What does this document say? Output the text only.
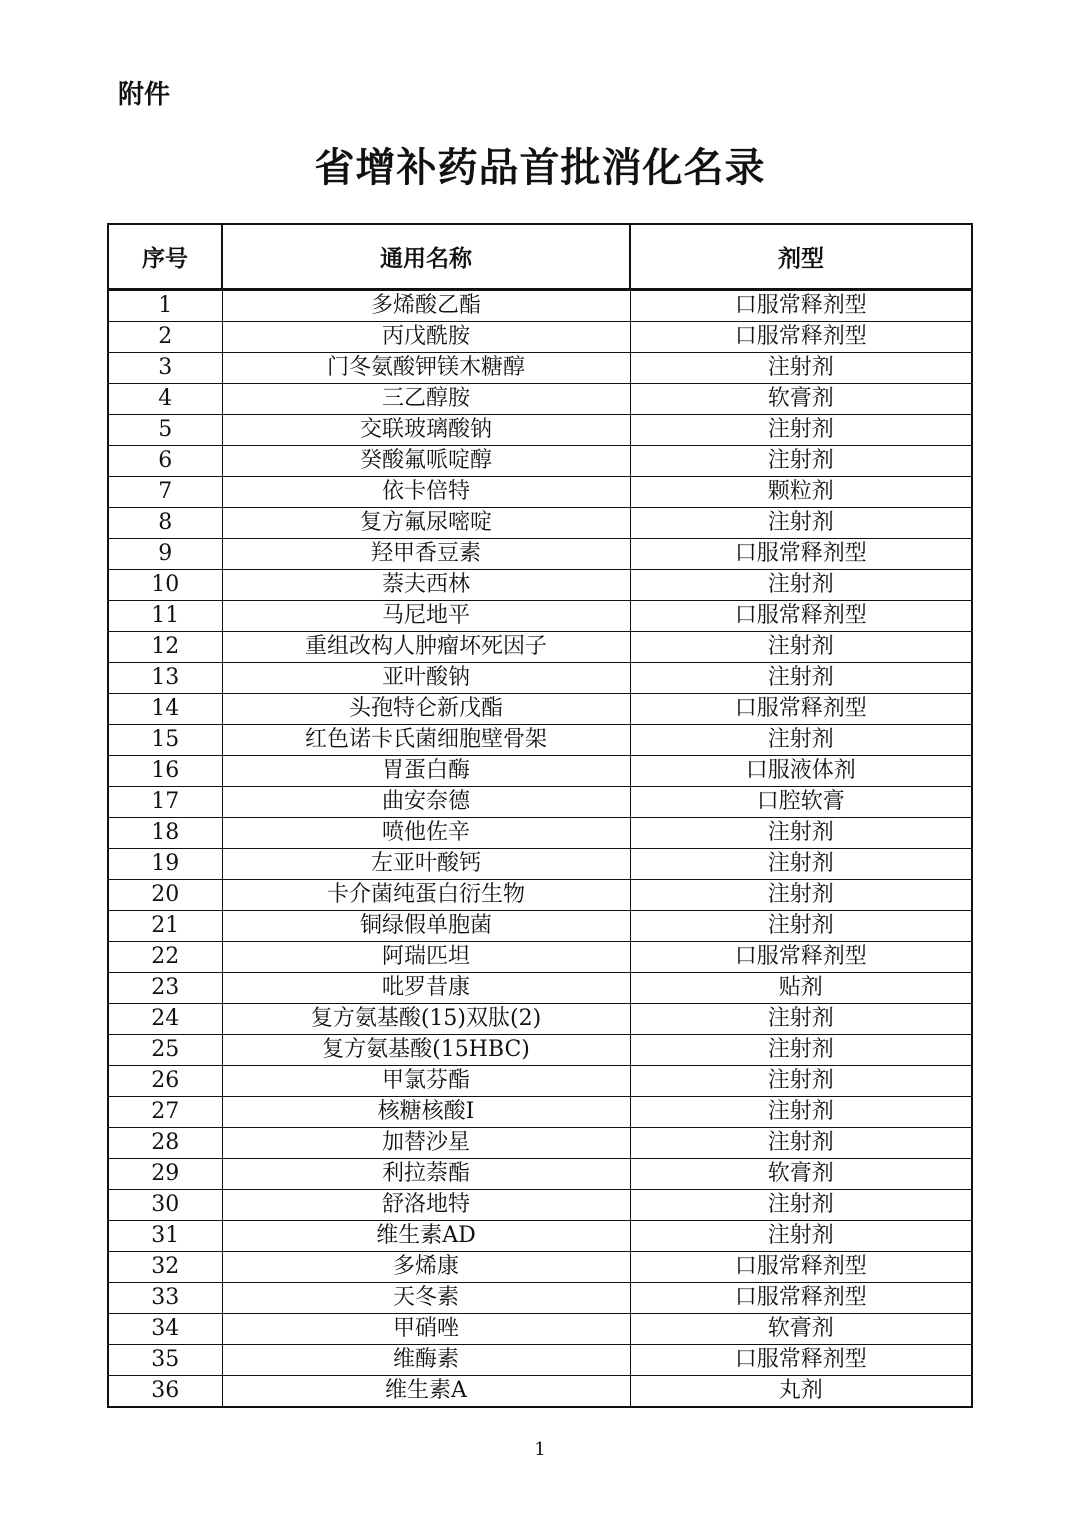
附件
省增补药品首批消化名录
序号	通用名称	剂型
1	多烯酸乙酯	口服常释剂型
2	丙戊酰胺	口服常释剂型
3	门冬氨酸钾镁木糖醇	注射剂
4	三乙醇胺	软膏剂
5	交联玻璃酸钠	注射剂
6	癸酸氟哌啶醇	注射剂
7	依卡倍特	颗粒剂
8	复方氟尿嘧啶	注射剂
9	羟甲香豆素	口服常释剂型
10	萘夫西林	注射剂
11	马尼地平	口服常释剂型
12	重组改构人肿瘤坏死因子	注射剂
13	亚叶酸钠	注射剂
14	头孢特仑新戊酯	口服常释剂型
15	红色诺卡氏菌细胞壁骨架	注射剂
16	胃蛋白酶	口服液体剂
17	曲安奈德	口腔软膏
18	喷他佐辛	注射剂
19	左亚叶酸钙	注射剂
20	卡介菌纯蛋白衍生物	注射剂
21	铜绿假单胞菌	注射剂
22	阿瑞匹坦	口服常释剂型
23	吡罗昔康	贴剂
24	复方氨基酸(15)双肽(2)	注射剂
25	复方氨基酸(15HBC)	注射剂
26	甲氯芬酯	注射剂
27	核糖核酸I	注射剂
28	加替沙星	注射剂
29	利拉萘酯	软膏剂
30	舒洛地特	注射剂
31	维生素AD	注射剂
32	多烯康	口服常释剂型
33	天冬素	口服常释剂型
34	甲硝唑	软膏剂
35	维酶素	口服常释剂型
36	维生素A	丸剂
1
